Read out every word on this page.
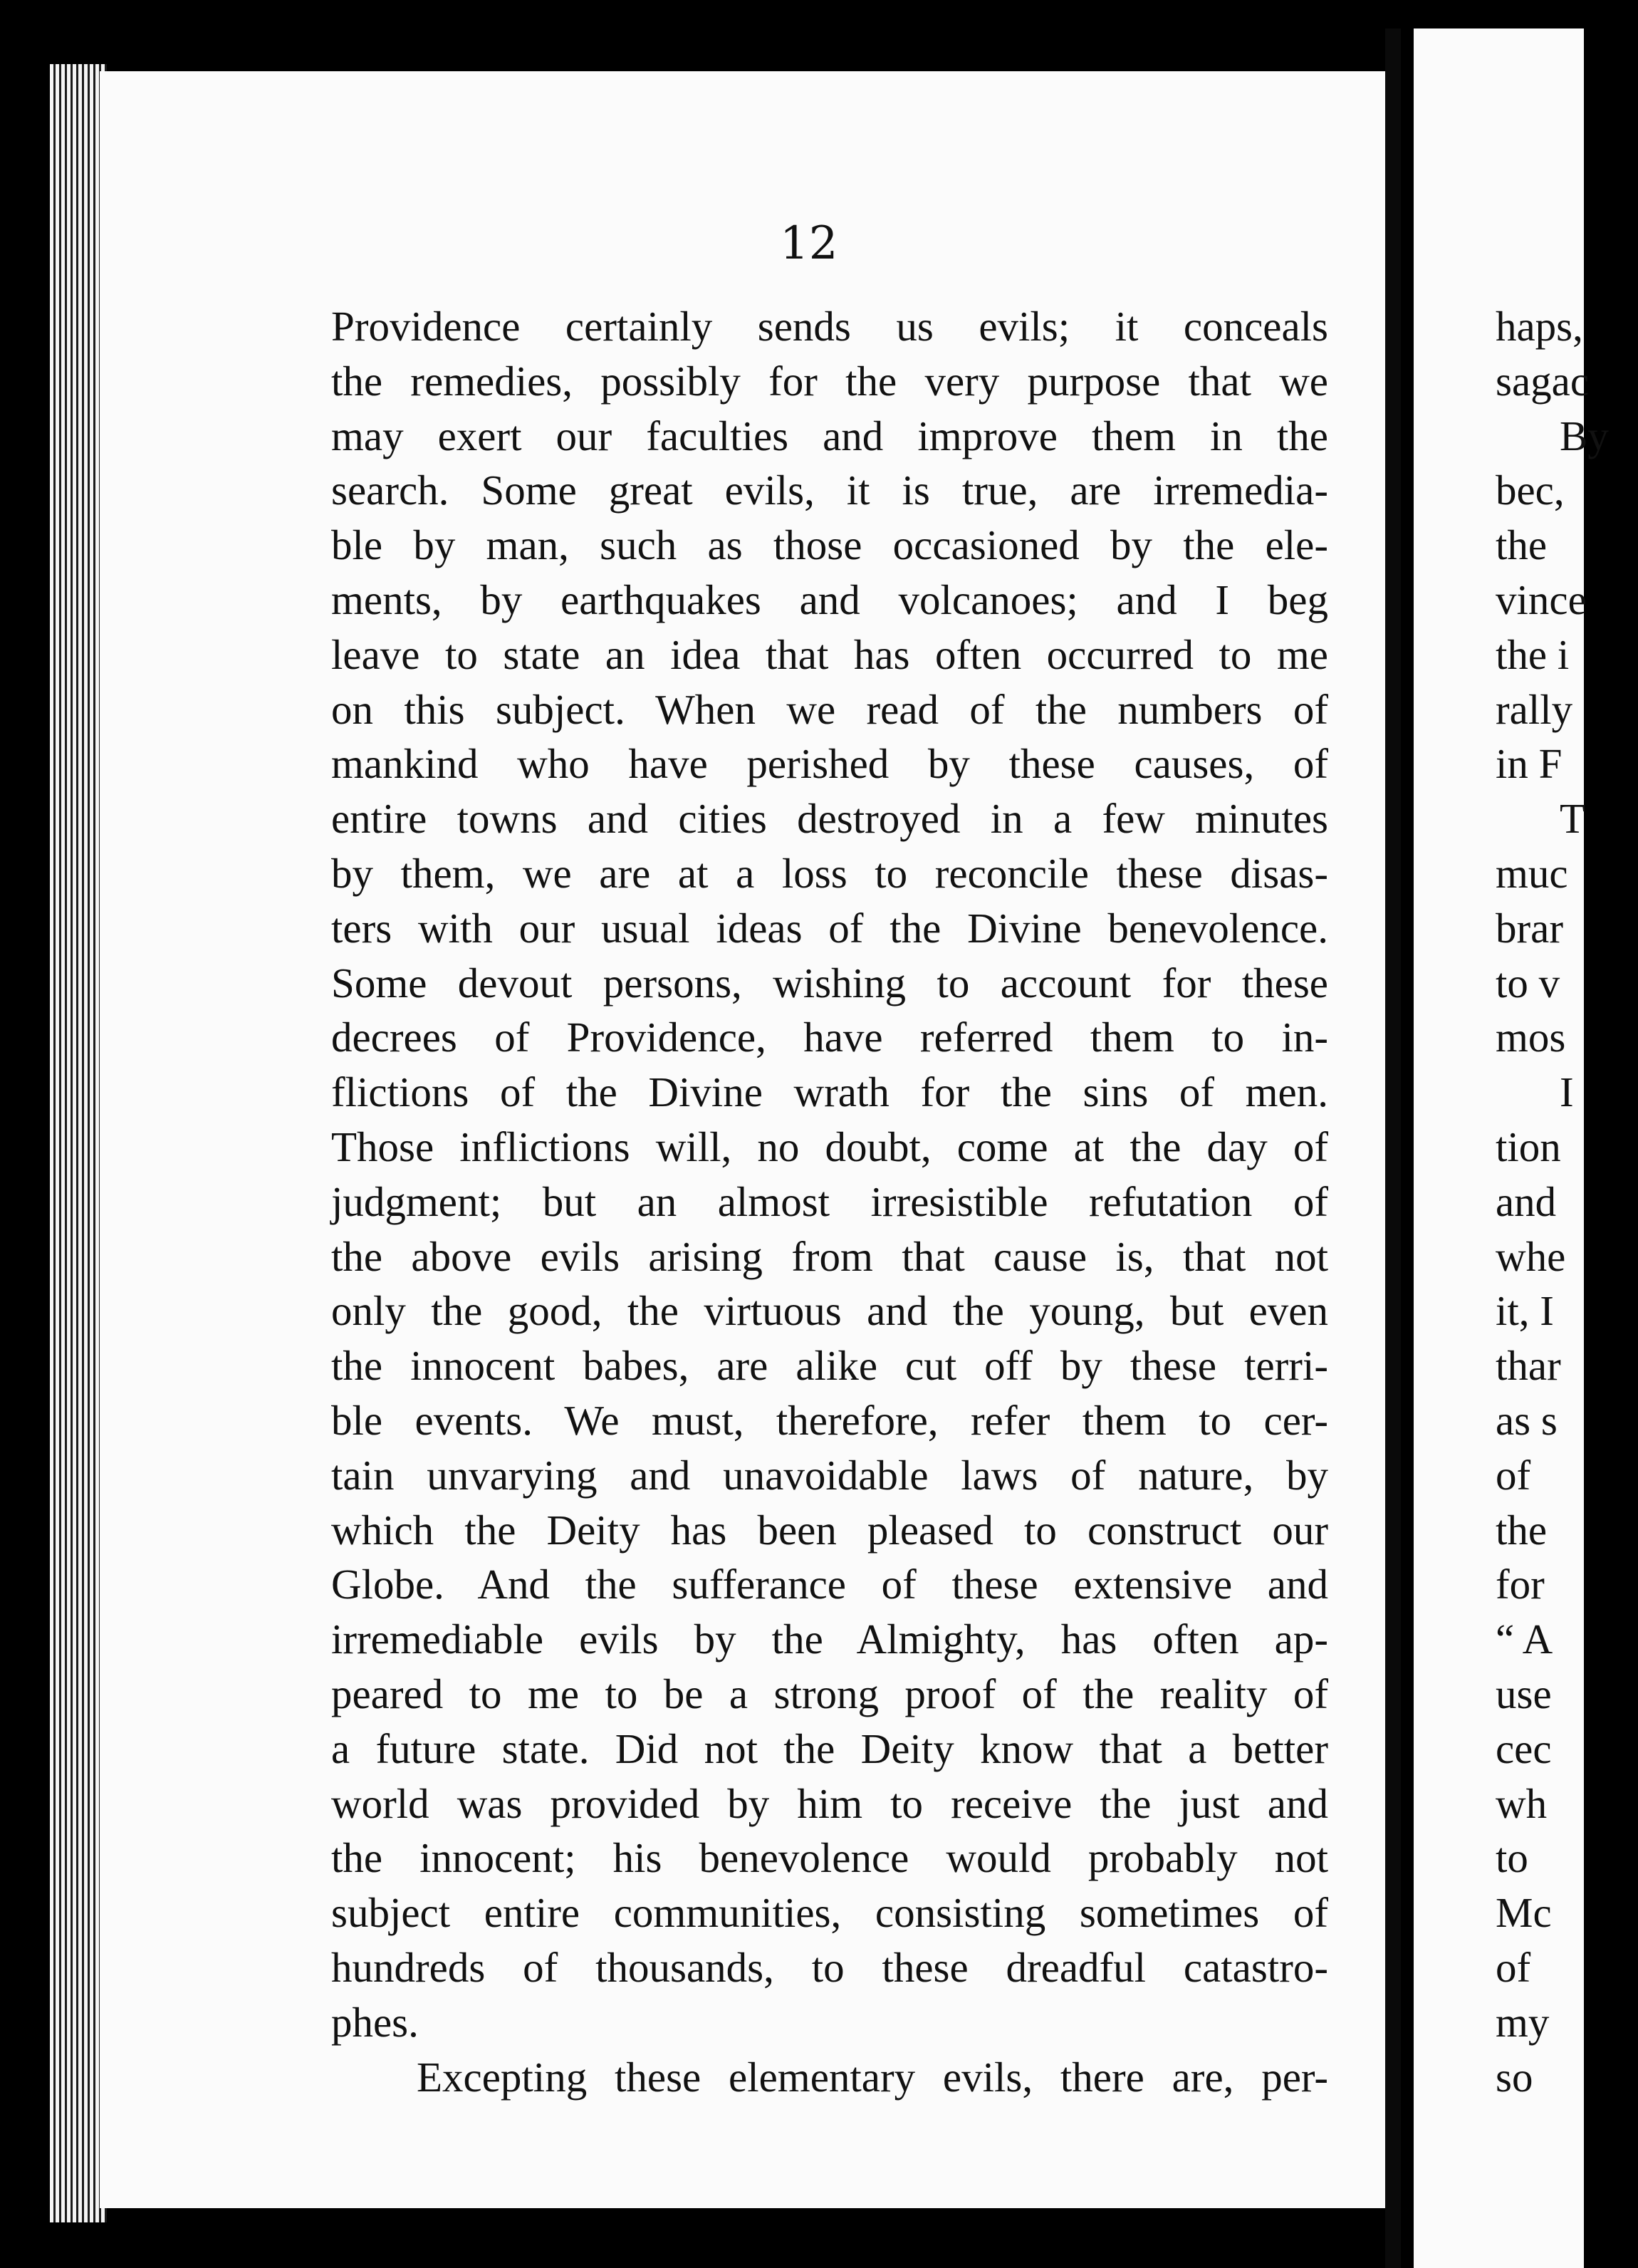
12
Providence certainly sends us evils; it conceals
the remedies, possibly for the very purpose that we
may exert our faculties and improve them in the
search. Some great evils, it is true, are irremedia-
ble by man, such as those occasioned by the ele-
ments, by earthquakes and volcanoes; and I beg
leave to state an idea that has often occurred to me
on this subject. When we read of the numbers of
mankind who have perished by these causes, of
entire towns and cities destroyed in a few minutes
by them, we are at a loss to reconcile these disas-
ters with our usual ideas of the Divine benevolence.
Some devout persons, wishing to account for these
decrees of Providence, have referred them to in-
flictions of the Divine wrath for the sins of men.
Those inflictions will, no doubt, come at the day of
judgment; but an almost irresistible refutation of
the above evils arising from that cause is, that not
only the good, the virtuous and the young, but even
the innocent babes, are alike cut off by these terri-
ble events. We must, therefore, refer them to cer-
tain unvarying and unavoidable laws of nature, by
which the Deity has been pleased to construct our
Globe. And the sufferance of these extensive and
irremediable evils by the Almighty, has often ap-
peared to me to be a strong proof of the reality of
a future state. Did not the Deity know that a better
world was provided by him to receive the just and
the innocent; his benevolence would probably not
subject entire communities, consisting sometimes of
hundreds of thousands, to these dreadful catastro-
phes.
Excepting these elementary evils, there are, per-
haps,
sagac
By
bec,
the
vince
the i
rally
in F
T
muc
brar
to v
mos
I
tion
and
whe
it, I
thar
as s
of
the
for
“ A
use
cec
wh
to
Mc
of
my
so
